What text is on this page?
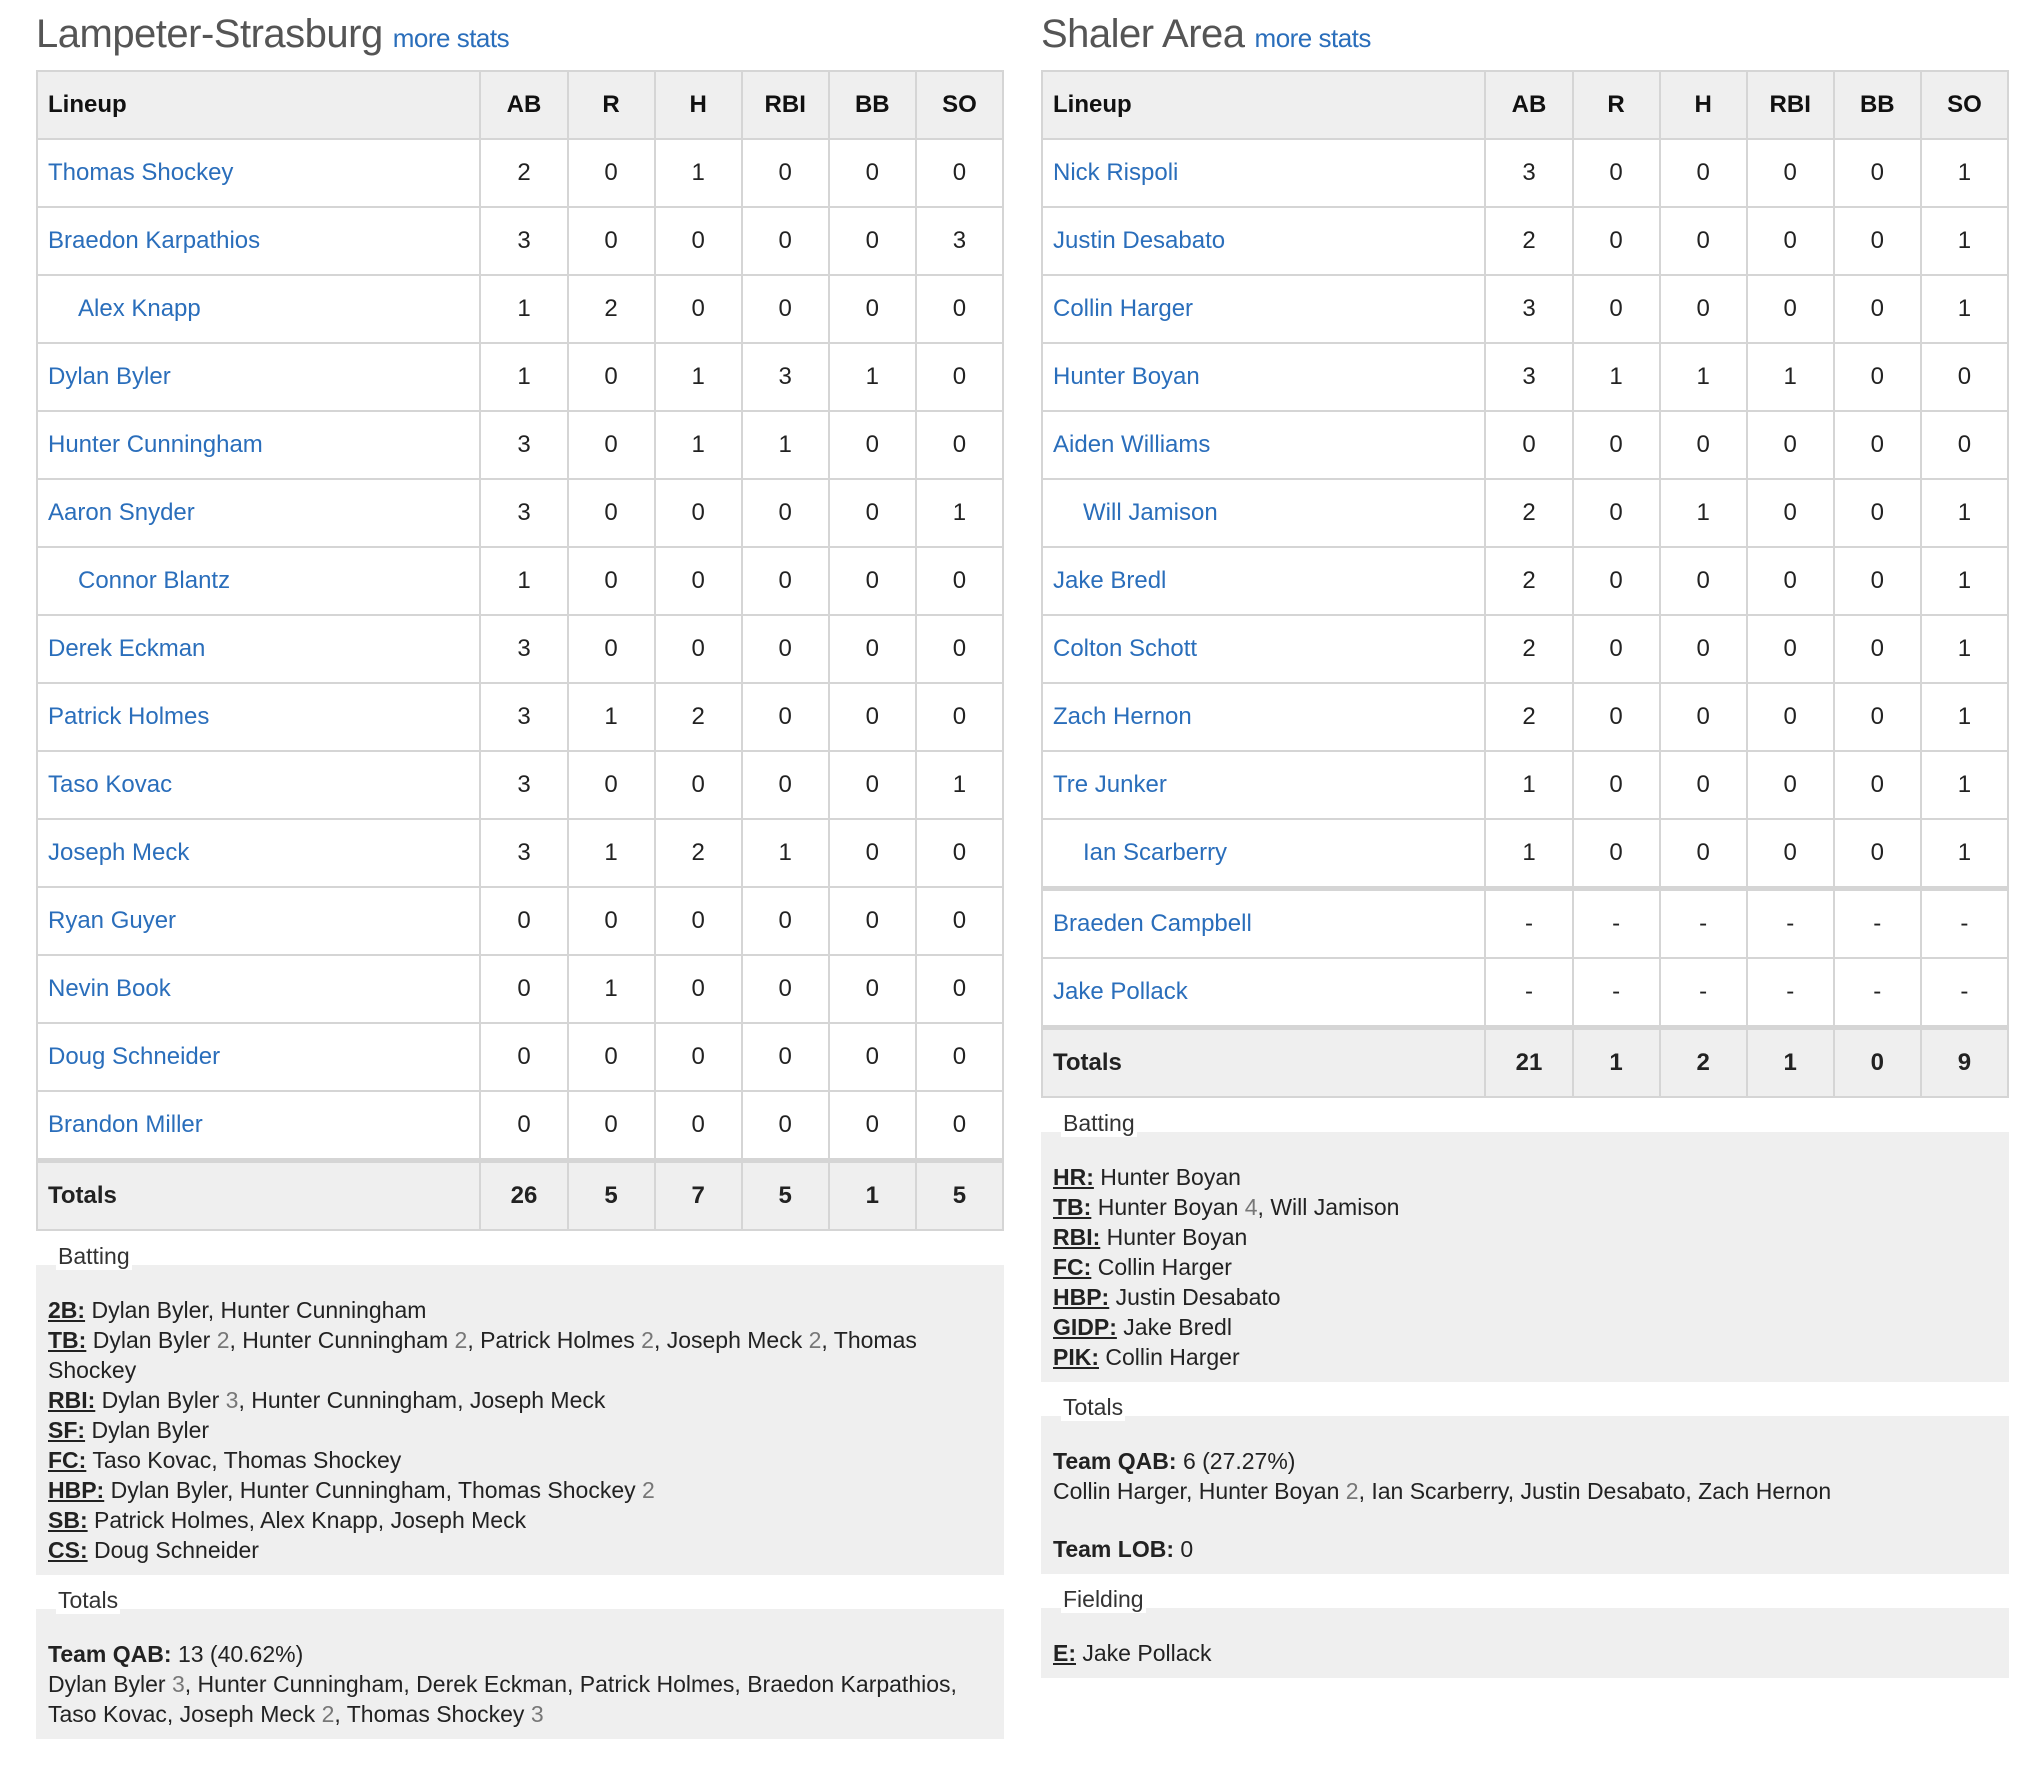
Lampeter-Strasburg more stats
Lineup	AB	R	H	RBI	BB	SO
Thomas Shockey	2	0	1	0	0	0
Braedon Karpathios	3	0	0	0	0	3
Alex Knapp	1	2	0	0	0	0
Dylan Byler	1	0	1	3	1	0
Hunter Cunningham	3	0	1	1	0	0
Aaron Snyder	3	0	0	0	0	1
Connor Blantz	1	0	0	0	0	0
Derek Eckman	3	0	0	0	0	0
Patrick Holmes	3	1	2	0	0	0
Taso Kovac	3	0	0	0	0	1
Joseph Meck	3	1	2	1	0	0
Ryan Guyer	0	0	0	0	0	0
Nevin Book	0	1	0	0	0	0
Doug Schneider	0	0	0	0	0	0
Brandon Miller	0	0	0	0	0	0
Totals	26	5	7	5	1	5
Batting
2B: Dylan Byler, Hunter Cunningham
TB: Dylan Byler 2, Hunter Cunningham 2, Patrick Holmes 2, Joseph Meck 2, Thomas Shockey
RBI: Dylan Byler 3, Hunter Cunningham, Joseph Meck
SF: Dylan Byler
FC: Taso Kovac, Thomas Shockey
HBP: Dylan Byler, Hunter Cunningham, Thomas Shockey 2
SB: Patrick Holmes, Alex Knapp, Joseph Meck
CS: Doug Schneider
Totals
Team QAB: 13 (40.62%)
Dylan Byler 3, Hunter Cunningham, Derek Eckman, Patrick Holmes, Braedon Karpathios, Taso Kovac, Joseph Meck 2, Thomas Shockey 3
Shaler Area more stats
Lineup	AB	R	H	RBI	BB	SO
Nick Rispoli	3	0	0	0	0	1
Justin Desabato	2	0	0	0	0	1
Collin Harger	3	0	0	0	0	1
Hunter Boyan	3	1	1	1	0	0
Aiden Williams	0	0	0	0	0	0
Will Jamison	2	0	1	0	0	1
Jake Bredl	2	0	0	0	0	1
Colton Schott	2	0	0	0	0	1
Zach Hernon	2	0	0	0	0	1
Tre Junker	1	0	0	0	0	1
Ian Scarberry	1	0	0	0	0	1
Braeden Campbell	-	-	-	-	-	-
Jake Pollack	-	-	-	-	-	-
Totals	21	1	2	1	0	9
Batting
HR: Hunter Boyan
TB: Hunter Boyan 4, Will Jamison
RBI: Hunter Boyan
FC: Collin Harger
HBP: Justin Desabato
GIDP: Jake Bredl
PIK: Collin Harger
Totals
Team QAB: 6 (27.27%)
Collin Harger, Hunter Boyan 2, Ian Scarberry, Justin Desabato, Zach Hernon
Team LOB: 0
Fielding
E: Jake Pollack
